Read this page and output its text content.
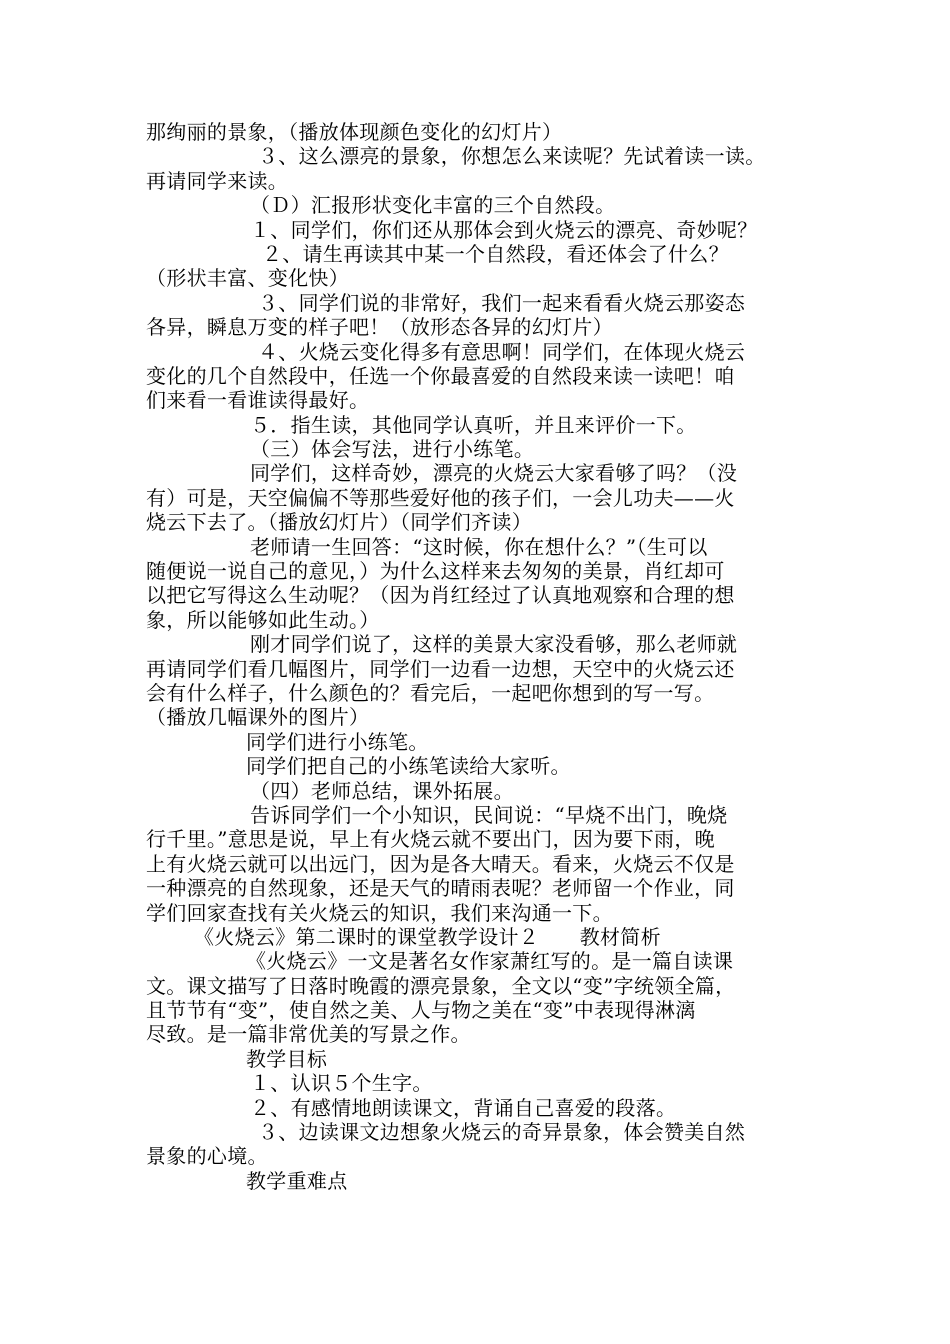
那绚丽的景象，（播放体现颜色变化的幻灯片）
３、这么漂亮的景象，你想怎么来读呢？先试着读一读。
再请同学来读。
（Ｄ）汇报形状变化丰富的三个自然段。
１、同学们，你们还从那体会到火烧云的漂亮、奇妙呢？
２、请生再读其中某一个自然段，看还体会了什么？
（形状丰富、变化快）
３、同学们说的非常好，我们一起来看看火烧云那姿态
各异，瞬息万变的样子吧！（放形态各异的幻灯片）
４、火烧云变化得多有意思啊！同学们，在体现火烧云
变化的几个自然段中，任选一个你最喜爱的自然段来读一读吧！咱
们来看一看谁读得最好。
５．指生读，其他同学认真听，并且来评价一下。
（三）体会写法，进行小练笔。
同学们，这样奇妙，漂亮的火烧云大家看够了吗？（没
有）可是，天空偏偏不等那些爱好他的孩子们，一会儿功夫——火
烧云下去了。（播放幻灯片）（同学们齐读）
老师请一生回答：“这时候，你在想什么？”（生可以
随便说一说自己的意见，）为什么这样来去匆匆的美景，肖红却可
以把它写得这么生动呢？（因为肖红经过了认真地观察和合理的想
象，所以能够如此生动。）
刚才同学们说了，这样的美景大家没看够，那么老师就
再请同学们看几幅图片，同学们一边看一边想，天空中的火烧云还
会有什么样子，什么颜色的？看完后，一起吧你想到的写一写。
（播放几幅课外的图片）
同学们进行小练笔。
同学们把自己的小练笔读给大家听。
（四）老师总结，课外拓展。
告诉同学们一个小知识，民间说：“早烧不出门，晚烧
行千里。”意思是说，早上有火烧云就不要出门，因为要下雨，晚
上有火烧云就可以出远门，因为是各大晴天。看来，火烧云不仅是
一种漂亮的自然现象，还是天气的晴雨表呢？老师留一个作业，同
学们回家查找有关火烧云的知识，我们来沟通一下。
《火烧云》第二课时的课堂教学设计２　　教材简析
《火烧云》一文是著名女作家萧红写的。是一篇自读课
文。课文描写了日落时晚霞的漂亮景象，全文以“变”字统领全篇，
且节节有“变”，使自然之美、人与物之美在“变”中表现得淋漓
尽致。是一篇非常优美的写景之作。
教学目标
１、认识５个生字。
２、有感情地朗读课文，背诵自己喜爱的段落。
３、边读课文边想象火烧云的奇异景象，体会赞美自然
景象的心境。
教学重难点
